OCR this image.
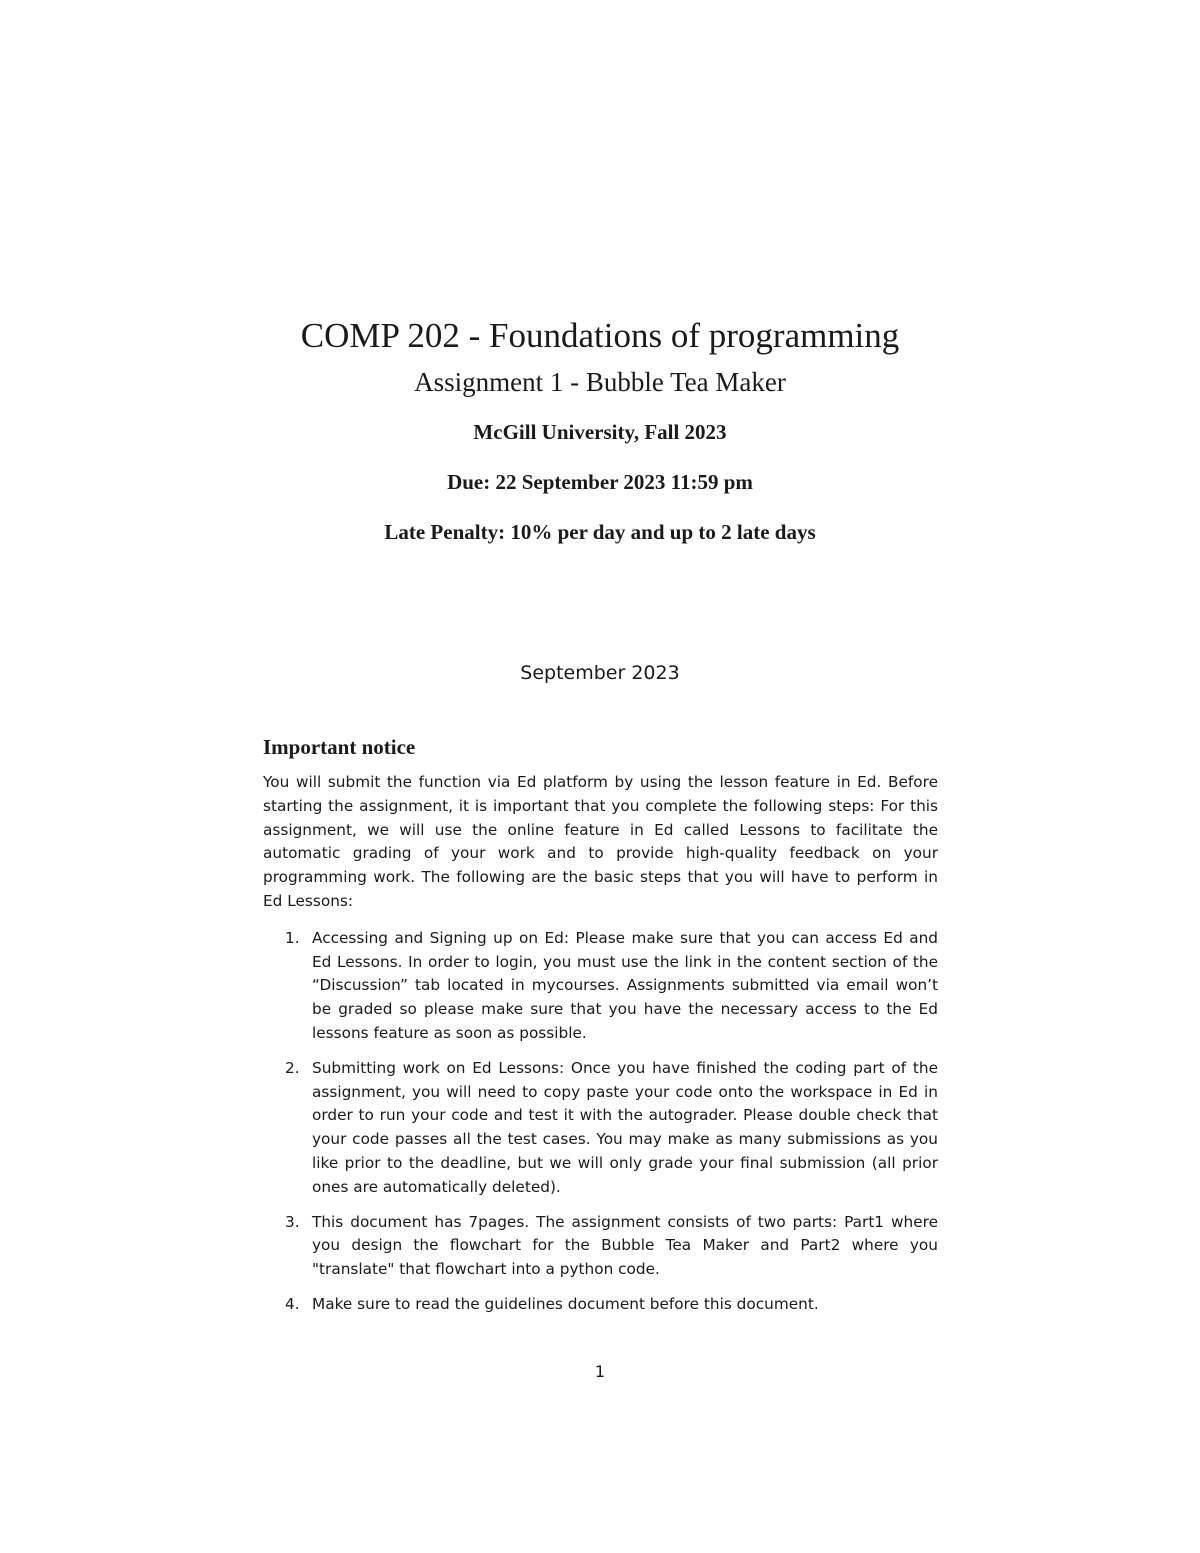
COMP 202 - Foundations of programming
Assignment 1 - Bubble Tea Maker
McGill University, Fall 2023
Due: 22 September 2023 11:59 pm
Late Penalty: 10% per day and up to 2 late days
September 2023
Important notice

You will submit the function via Ed platform by using the lesson feature in Ed. Before starting the assignment, it is important that you complete the following steps: For this assignment, we will use the online feature in Ed called Lessons to facilitate the automatic grading of your work and to provide high-quality feedback on your programming work. The following are the basic steps that you will have to perform in Ed Lessons:

1. Accessing and Signing up on Ed: Please make sure that you can access Ed and Ed Lessons. In order to login, you must use the link in the content section of the “Discussion” tab located in mycourses. Assignments submitted via email won’t be graded so please make sure that you have the necessary access to the Ed lessons feature as soon as possible.
2. Submitting work on Ed Lessons: Once you have finished the coding part of the assignment, you will need to copy paste your code onto the workspace in Ed in order to run your code and test it with the autograder. Please double check that your code passes all the test cases. You may make as many submissions as you like prior to the deadline, but we will only grade your final submission (all prior ones are automatically deleted).
3. This document has 7pages. The assignment consists of two parts: Part1 where you design the flowchart for the Bubble Tea Maker and Part2 where you "translate" that flowchart into a python code.
4. Make sure to read the guidelines document before this document.
1
